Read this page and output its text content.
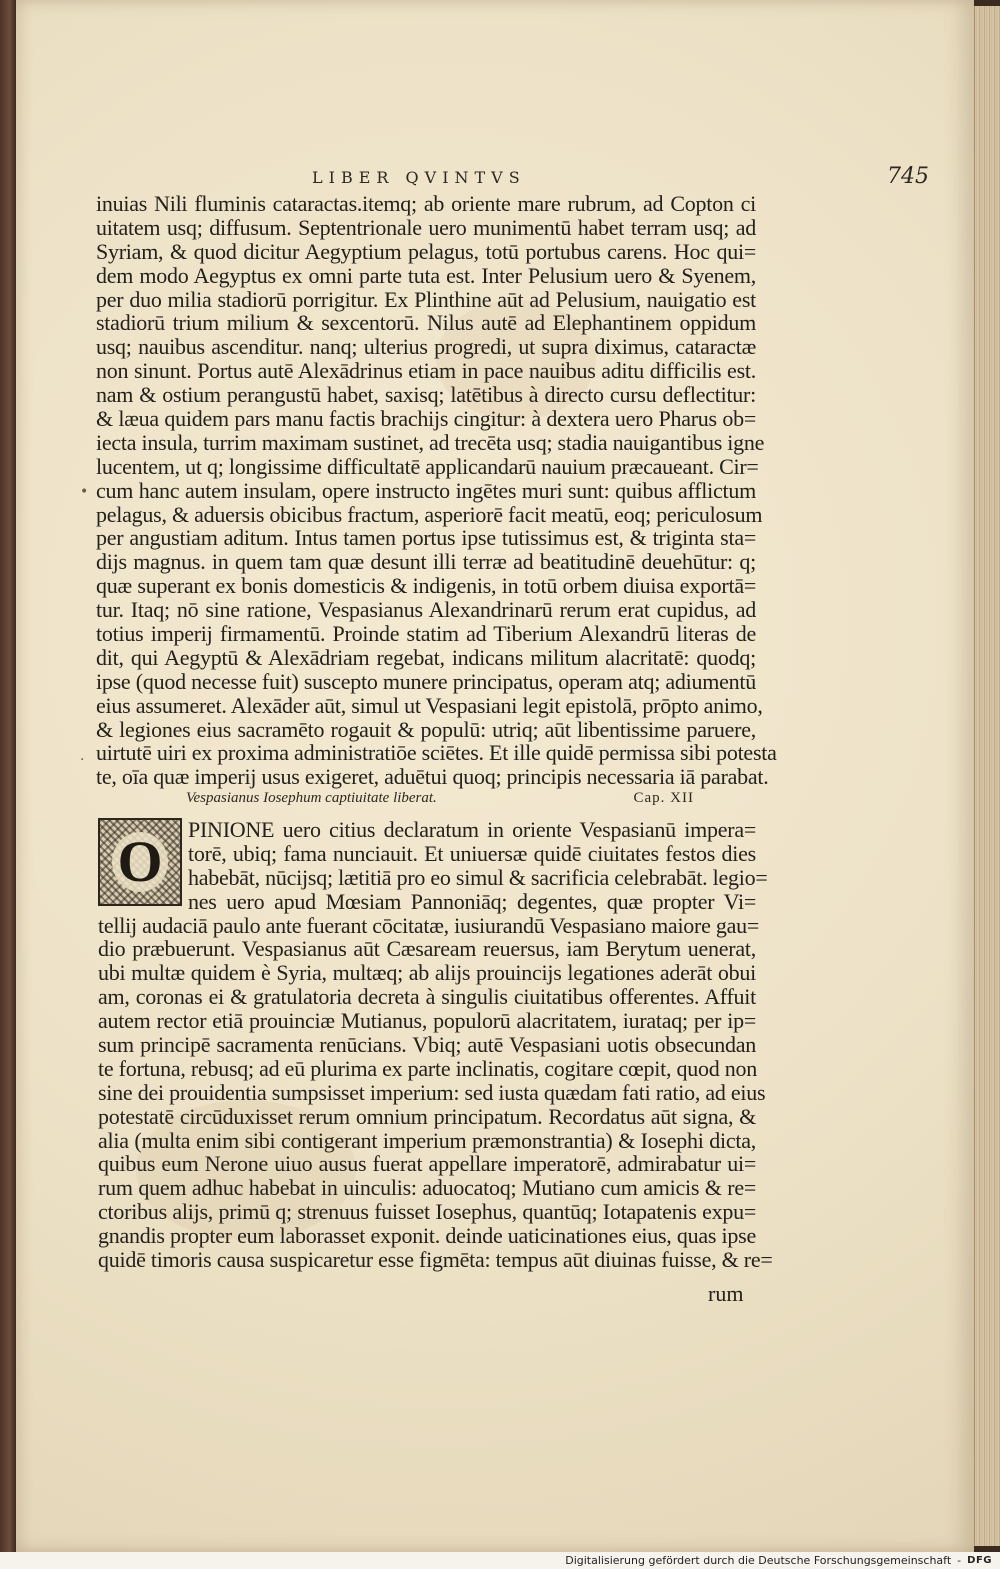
LIBER QVINTVS	745
•
·
inuias Nili fluminis cataractas.itemq; ab oriente mare rubrum, ad Copton ci
uitatem usq; diffusum. Septentrionale uero munimentū habet terram usq; ad
Syriam, & quod dicitur Aegyptium pelagus, totū portubus carens. Hoc qui=
dem modo Aegyptus ex omni parte tuta est. Inter Pelusium uero & Syenem,
per duo milia stadiorū porrigitur. Ex Plinthine aūt ad Pelusium, nauigatio est
stadiorū trium milium & sexcentorū. Nilus autē ad Elephantinem oppidum
usq; nauibus ascenditur. nanq; ulterius progredi, ut supra diximus, cataractæ
non sinunt. Portus autē Alexādrinus etiam in pace nauibus aditu difficilis est.
nam & ostium perangustū habet, saxisq; latētibus à directo cursu deflectitur:
& læua quidem pars manu factis brachijs cingitur: à dextera uero Pharus ob=
iecta insula, turrim maximam sustinet, ad trecēta usq; stadia nauigantibus igne
lucentem, ut q; longissime difficultatē applicandarū nauium præcaueant. Cir=
cum hanc autem insulam, opere instructo ingētes muri sunt: quibus afflictum
pelagus, & aduersis obicibus fractum, asperiorē facit meatū, eoq; periculosum
per angustiam aditum. Intus tamen portus ipse tutissimus est, & triginta sta=
dijs magnus. in quem tam quæ desunt illi terræ ad beatitudinē deuehūtur: q;
quæ superant ex bonis domesticis & indigenis, in totū orbem diuisa exportā=
tur. Itaq; nō sine ratione, Vespasianus Alexandrinarū rerum erat cupidus, ad
totius imperij firmamentū. Proinde statim ad Tiberium Alexandrū literas de
dit, qui Aegyptū & Alexādriam regebat, indicans militum alacritatē: quodq;
ipse (quod necesse fuit) suscepto munere principatus, operam atq; adiumentū
eius assumeret. Alexāder aūt, simul ut Vespasiani legit epistolā, prōpto animo,
& legiones eius sacramēto rogauit & populū: utriq; aūt libentissime paruere,
uirtutē uiri ex proxima administratiōe sciētes. Et ille quidē permissa sibi potesta
te, oīa quæ imperij usus exigeret, aduētui quoq; principis necessaria iā parabat.
Vespasianus Iosephum captiuitate liberat.	Cap. XII
O PINIONE uero citius declaratum in oriente Vespasianū impera=
torē, ubiq; fama nunciauit. Et uniuersæ quidē ciuitates festos dies
habebāt, nūcijsq; lætitiā pro eo simul & sacrificia celebrabāt. legio=
nes uero apud Mœsiam Pannoniāq; degentes, quæ propter Vi=
tellij audaciā paulo ante fuerant cōcitatæ, iusiurandū Vespasiano maiore gau=
dio præbuerunt. Vespasianus aūt Cæsaream reuersus, iam Berytum uenerat,
ubi multæ quidem è Syria, multæq; ab alijs prouincijs legationes aderāt obui
am, coronas ei & gratulatoria decreta à singulis ciuitatibus offerentes. Affuit
autem rector etiā prouinciæ Mutianus, populorū alacritatem, iurataq; per ip=
sum principē sacramenta renūcians. Vbiq; autē Vespasiani uotis obsecundan
te fortuna, rebusq; ad eū plurima ex parte inclinatis, cogitare cœpit, quod non
sine dei prouidentia sumpsisset imperium: sed iusta quædam fati ratio, ad eius
potestatē circūduxisset rerum omnium principatum. Recordatus aūt signa, &
alia (multa enim sibi contigerant imperium præmonstrantia) & Iosephi dicta,
quibus eum Nerone uiuo ausus fuerat appellare imperatorē, admirabatur ui=
rum quem adhuc habebat in uinculis: aduocatoq; Mutiano cum amicis & re=
ctoribus alijs, primū q; strenuus fuisset Iosephus, quantūq; Iotapatenis expu=
gnandis propter eum laborasset exponit. deinde uaticinationes eius, quas ipse
quidē timoris causa suspicaretur esse figmēta: tempus aūt diuinas fuisse, & re=
rum
Digitalisierung gefördert durch die Deutsche Forschungsgemeinschaft - DFG
